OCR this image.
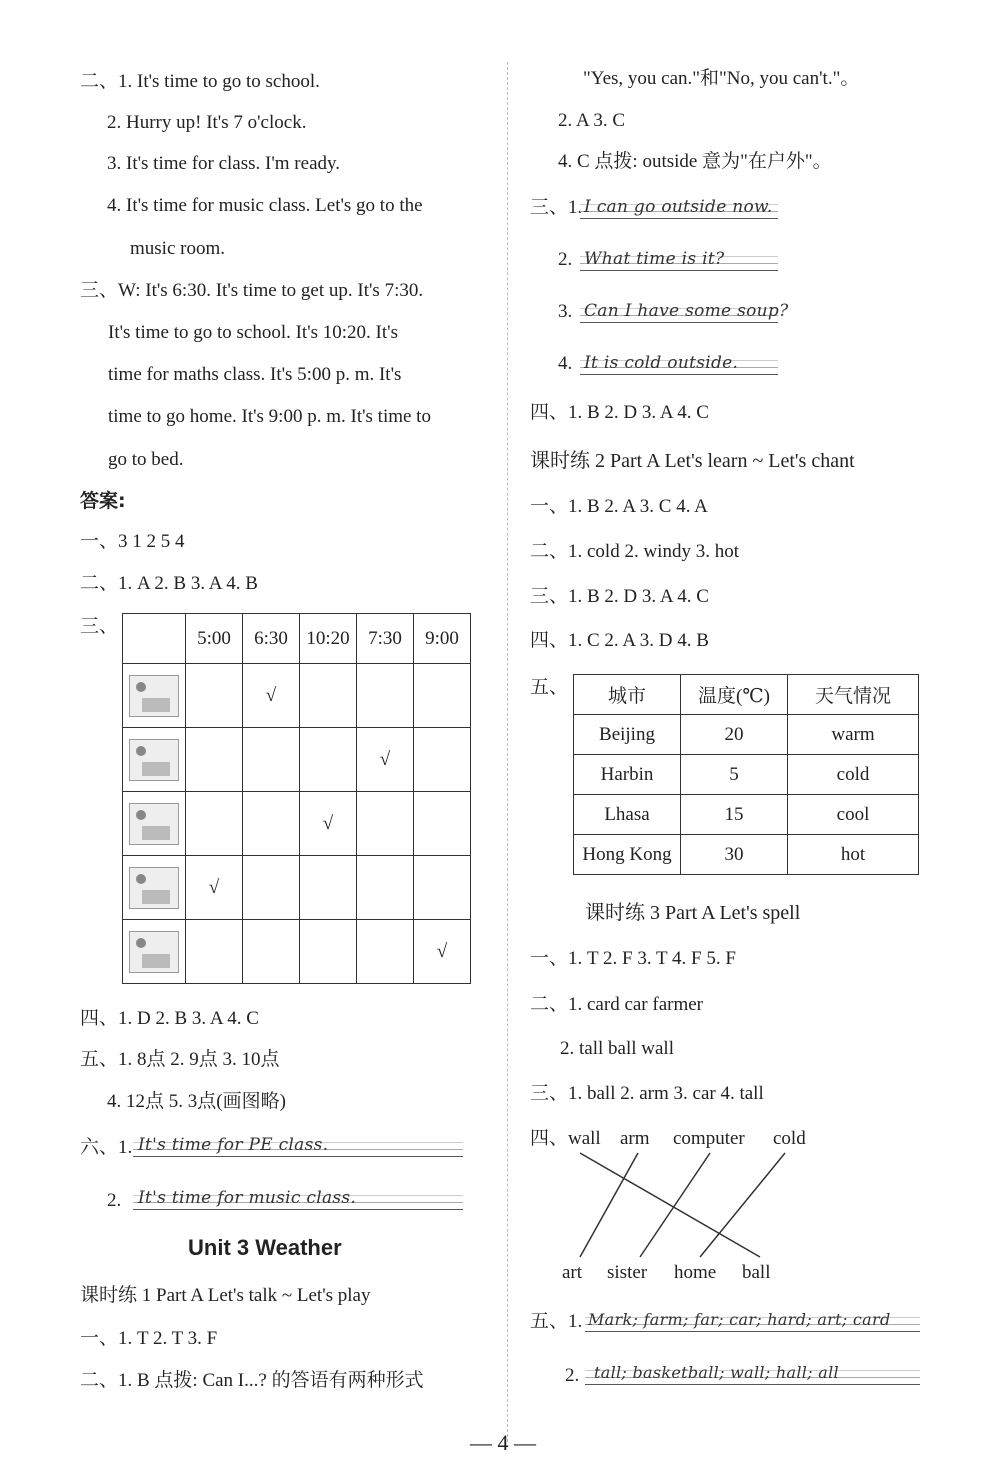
二、1. It's time to go to school.
2. Hurry up! It's 7 o'clock.
3. It's time for class. I'm ready.
4. It's time for music class. Let's go to the
music room.
三、W: It's 6:30. It's time to get up. It's 7:30.
It's time to go to school. It's 10:20. It's
time for maths class. It's 5:00 p. m. It's
time to go home. It's 9:00 p. m. It's time to
go to bed.
答案:
一、3 1 2 5 4
二、1. A 2. B 3. A 4. B
三、
	5:00	6:30	10:20	7:30	9:00
		√			
				√	
			√		
	√				
					√
四、1. D 2. B 3. A 4. C
五、1. 8点 2. 9点 3. 10点
4. 12点 5. 3点(画图略)
六、1. It's time for PE class.
2. It's time for music class.
Unit 3 Weather
课时练 1 Part A Let's talk ~ Let's play
一、1. T 2. T 3. F
二、1. B 点拨: Can I...? 的答语有两种形式
"Yes, you can."和"No, you can't."。
2. A 3. C
4. C 点拨: outside 意为"在户外"。
三、1. I can go outside now.
2. What time is it?
3. Can I have some soup?
4. It is cold outside.
四、1. B 2. D 3. A 4. C
课时练 2 Part A Let's learn ~ Let's chant
一、1. B 2. A 3. C 4. A
二、1. cold 2. windy 3. hot
三、1. B 2. D 3. A 4. C
四、1. C 2. A 3. D 4. B
五、 城市	温度(℃)	天气情况
Beijing	20	warm
Harbin	5	cold
Lhasa	15	cool
Hong Kong	30	hot
课时练 3 Part A Let's spell
一、1. T 2. F 3. T 4. F 5. F
二、1. card car farmer
2. tall ball wall
三、1. ball 2. arm 3. car 4. tall
四、wall arm computer cold
art sister home ball
五、1. Mark; farm; far; car; hard; art; card
2. tall; basketball; wall; hall; all
— 4 —
